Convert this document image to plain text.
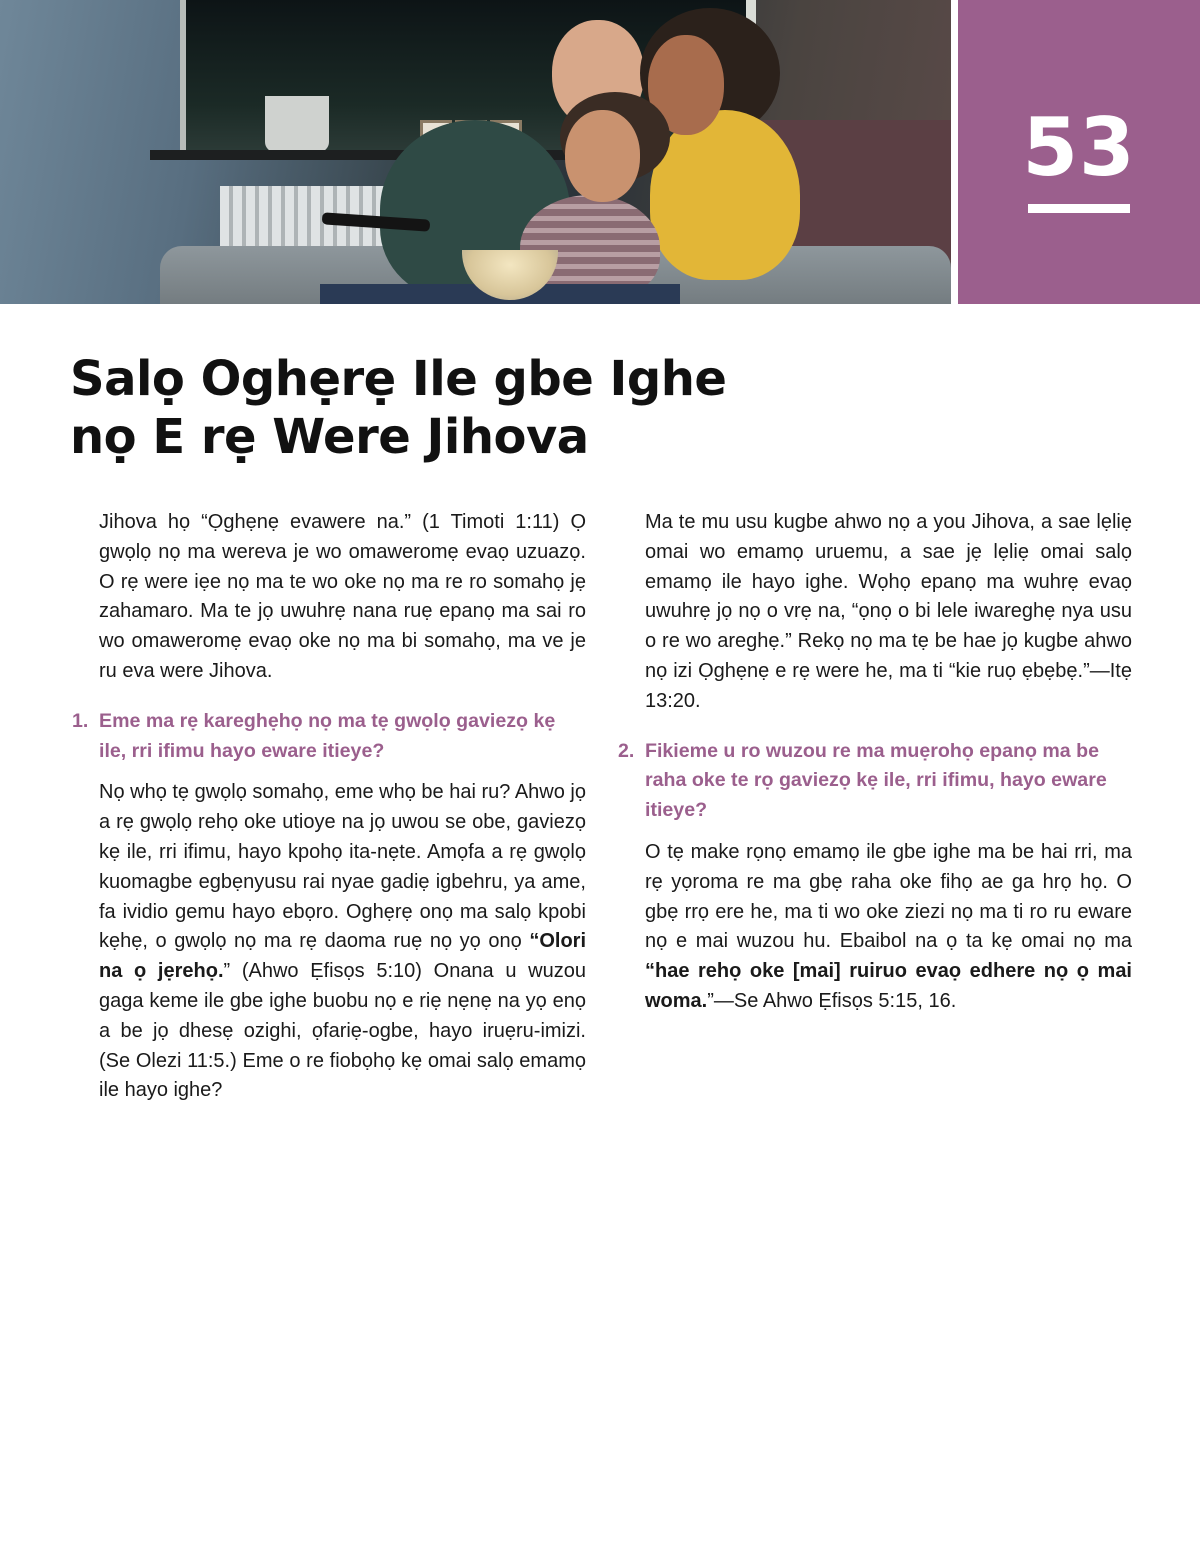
53
Salọ Oghẹrẹ Ile gbe Ighe
nọ E rẹ Were Jihova

Jihova họ “Ọghẹnẹ evawere na.” (1 Timoti 1:11) Ọ gwọlọ nọ ma wereva je wo omaweromẹ evaọ uzuazọ. O rẹ were iẹe nọ ma te wo oke nọ ma re ro somahọ jẹ zahamaro. Ma te jọ uwuhrẹ nana ruẹ epanọ ma sai ro wo omaweromẹ evaọ oke nọ ma bi somahọ, ma ve je ru eva were Jihova.

1. Eme ma rẹ kareghẹhọ nọ ma tẹ gwọlọ gaviezọ kẹ ile, rri ifimu hayo eware itieye?

Nọ whọ tẹ gwọlọ somahọ, eme whọ be hai ru? Ahwo jọ a rẹ gwọlọ rehọ oke utioye na jọ uwou se obe, gaviezọ kẹ ile, rri ifimu, hayo kpohọ ita-nẹte. Amọfa a rẹ gwọlọ kuomagbe egbẹnyusu rai nyae gadiẹ igbehru, ya ame, fa ividio gemu hayo ebọro. Oghẹrẹ onọ ma salọ kpobi kẹhẹ, o gwọlọ nọ ma rẹ daoma ruẹ nọ yọ onọ “Olori na ọ jẹrehọ.” (Ahwo Ẹfisọs 5:10) Onana u wuzou gaga keme ile gbe ighe buobu nọ e riẹ nẹnẹ na yọ enọ a be jọ dhesẹ ozighi, ọfariẹ-ogbe, hayo iruẹru-imizi. (Se Olezi 11:5.) Eme o re fiobọhọ kẹ omai salọ emamọ ile hayo ighe?

Ma te mu usu kugbe ahwo nọ a you Jihova, a sae lẹliẹ omai wo emamọ uruemu, a sae jẹ lẹliẹ omai salọ emamọ ile hayo ighe. Wọhọ epanọ ma wuhrẹ evaọ uwuhrẹ jọ nọ o vrẹ na, “ọnọ o bi lele iwareghẹ nya usu o re wo areghẹ.” Rekọ nọ ma tẹ be hae jọ kugbe ahwo nọ izi Ọghẹnẹ e rẹ were he, ma ti “kie ruọ ẹbẹbẹ.”—Itẹ 13:20.

2. Fikieme u ro wuzou re ma muẹrohọ epanọ ma be raha oke te rọ gaviezọ kẹ ile, rri ifimu, hayo eware itieye?

O tẹ make rọnọ emamọ ile gbe ighe ma be hai rri, ma rẹ yọroma re ma gbẹ raha oke fihọ ae ga hrọ họ. O gbẹ rrọ ere he, ma ti wo oke ziezi nọ ma ti ro ru eware nọ e mai wuzou hu. Ebaibol na ọ ta kẹ omai nọ ma “hae rehọ oke [mai] ruiruo evaọ edhere nọ ọ mai woma.”—Se Ahwo Ẹfisọs 5:15, 16.
